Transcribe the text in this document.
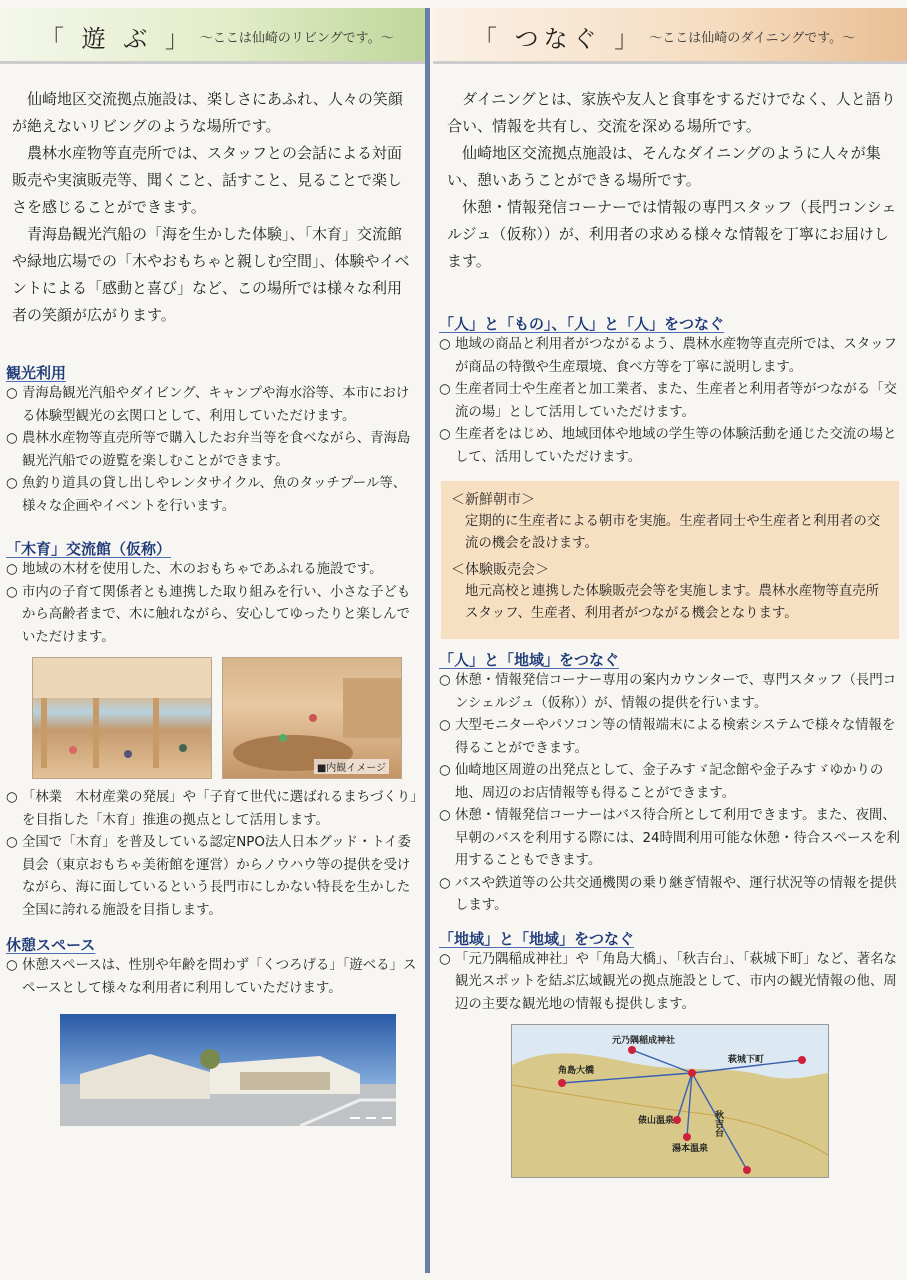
「 遊 ぶ 」 ～ここは仙崎のリビングです。～

仙崎地区交流拠点施設は、楽しさにあふれ、人々の笑顔が絶えないリビングのような場所です。

農林水産物等直売所では、スタッフとの会話による対面販売や実演販売等、聞くこと、話すこと、見ることで楽しさを感じることができます。

青海島観光汽船の「海を生かした体験」、「木育」交流館や緑地広場での「木やおもちゃと親しむ空間」、体験やイベントによる「感動と喜び」など、この場所では様々な利用者の笑顔が広がります。

観光利用

○ 青海島観光汽船やダイビング、キャンプや海水浴等、本市における体験型観光の玄関口として、利用していただけます。

○ 農林水産物等直売所等で購入したお弁当等を食べながら、青海島観光汽船での遊覧を楽しむことができます。

○ 魚釣り道具の貸し出しやレンタサイクル、魚のタッチプール等、様々な企画やイベントを行います。

「木育」交流館（仮称）

○ 地域の木材を使用した、木のおもちゃであふれる施設です。

○ 市内の子育て関係者とも連携した取り組みを行い、小さな子どもから高齢者まで、木に触れながら、安心してゆったりと楽しんでいただけます。

■内観イメージ

○ 「林業　木材産業の発展」や「子育て世代に選ばれるまちづくり」を目指した「木育」推進の拠点として活用します。

○ 全国で「木育」を普及している認定NPO法人日本グッド・トイ委員会（東京おもちゃ美術館を運営）からノウハウ等の提供を受けながら、海に面しているという長門市にしかない特長を生かした全国に誇れる施設を目指します。

休憩スペース

○ 休憩スペースは、性別や年齢を問わず「くつろげる」「遊べる」スペースとして様々な利用者に利用していただけます。

「 つなぐ 」 ～ここは仙崎のダイニングです。～

ダイニングとは、家族や友人と食事をするだけでなく、人と語り合い、情報を共有し、交流を深める場所です。

仙崎地区交流拠点施設は、そんなダイニングのように人々が集い、憩いあうことができる場所です。

休憩・情報発信コーナーでは情報の専門スタッフ（長門コンシェルジュ（仮称））が、利用者の求める様々な情報を丁寧にお届けします。

「人」と「もの」、「人」と「人」をつなぐ

○ 地域の商品と利用者がつながるよう、農林水産物等直売所では、スタッフが商品の特徴や生産環境、食べ方等を丁寧に説明します。

○ 生産者同士や生産者と加工業者、また、生産者と利用者等がつながる「交流の場」として活用していただけます。

○ 生産者をはじめ、地域団体や地域の学生等の体験活動を通じた交流の場として、活用していただけます。

＜新鮮朝市＞

定期的に生産者による朝市を実施。生産者同士や生産者と利用者の交流の機会を設けます。

＜体験販売会＞

地元高校と連携した体験販売会等を実施します。農林水産物等直売所スタッフ、生産者、利用者がつながる機会となります。

「人」と「地域」をつなぐ

○ 休憩・情報発信コーナー専用の案内カウンターで、専門スタッフ（長門コンシェルジュ（仮称））が、情報の提供を行います。

○ 大型モニターやパソコン等の情報端末による検索システムで様々な情報を得ることができます。

○ 仙崎地区周遊の出発点として、金子みすゞ記念館や金子みすゞゆかりの地、周辺のお店情報等も得ることができます。

○ 休憩・情報発信コーナーはバス待合所として利用できます。また、夜間、早朝のバスを利用する際には、24時間利用可能な休憩・待合スペースを利用することもできます。

○ バスや鉄道等の公共交通機関の乗り継ぎ情報や、運行状況等の情報を提供します。

「地域」と「地域」をつなぐ

○ 「元乃隅稲成神社」や「角島大橋」、「秋吉台」、「萩城下町」など、著名な観光スポットを結ぶ広域観光の拠点施設として、市内の観光情報の他、周辺の主要な観光地の情報も提供します。

元乃隅稲成神社
角島大橋
萩城下町
秋吉台
俵山温泉
湯本温泉
